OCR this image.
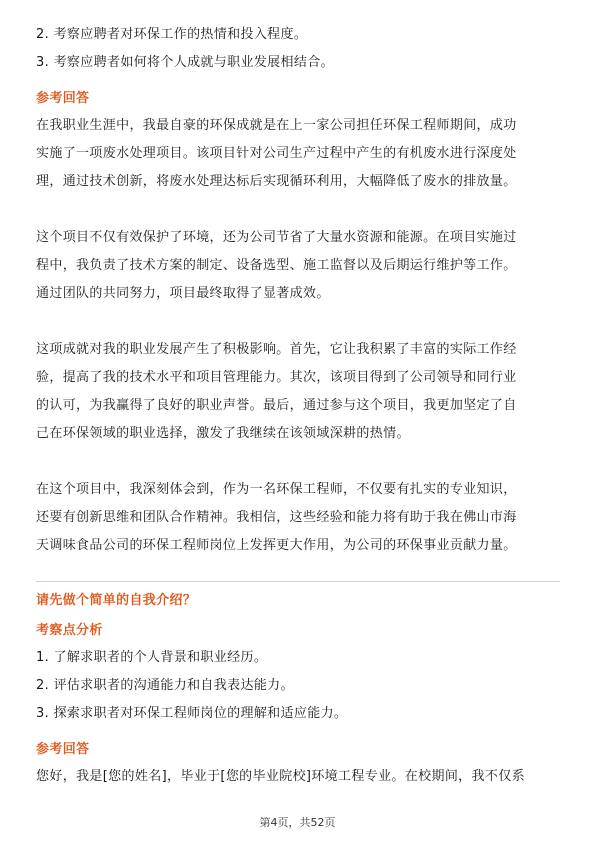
2. 考察应聘者对环保工作的热情和投入程度。
3. 考察应聘者如何将个人成就与职业发展相结合。
参考回答
在我职业生涯中，我最自豪的环保成就是在上一家公司担任环保工程师期间，成功
实施了一项废水处理项目。该项目针对公司生产过程中产生的有机废水进行深度处
理，通过技术创新，将废水处理达标后实现循环利用，大幅降低了废水的排放量。
这个项目不仅有效保护了环境，还为公司节省了大量水资源和能源。在项目实施过
程中，我负责了技术方案的制定、设备选型、施工监督以及后期运行维护等工作。
通过团队的共同努力，项目最终取得了显著成效。
这项成就对我的职业发展产生了积极影响。首先，它让我积累了丰富的实际工作经
验，提高了我的技术水平和项目管理能力。其次，该项目得到了公司领导和同行业
的认可，为我赢得了良好的职业声誉。最后，通过参与这个项目，我更加坚定了自
己在环保领域的职业选择，激发了我继续在该领域深耕的热情。
在这个项目中，我深刻体会到，作为一名环保工程师，不仅要有扎实的专业知识，
还要有创新思维和团队合作精神。我相信，这些经验和能力将有助于我在佛山市海
天调味食品公司的环保工程师岗位上发挥更大作用，为公司的环保事业贡献力量。
请先做个简单的自我介绍？
考察点分析
1. 了解求职者的个人背景和职业经历。
2. 评估求职者的沟通能力和自我表达能力。
3. 探索求职者对环保工程师岗位的理解和适应能力。
参考回答
您好，我是[您的姓名]，毕业于[您的毕业院校]环境工程专业。在校期间，我不仅系
第4页，共52页
